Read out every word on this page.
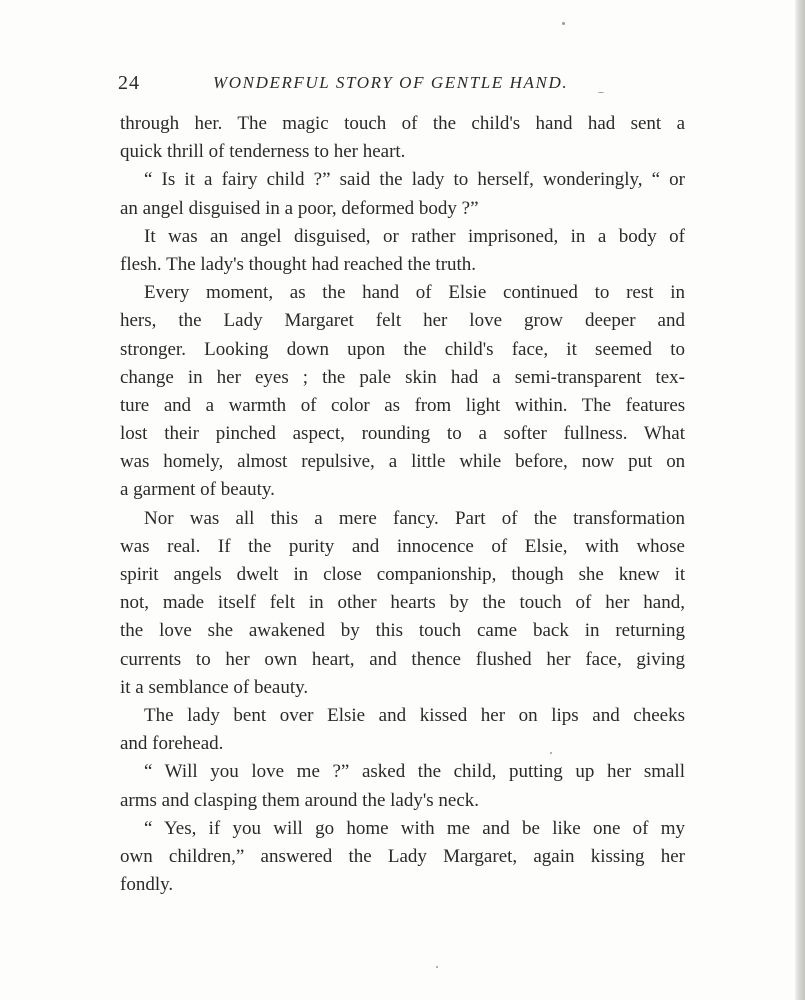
24	WONDERFUL STORY OF GENTLE HAND.
through her. The magic touch of the child's hand had sent a
quick thrill of tenderness to her heart.
“ Is it a fairy child ?” said the lady to herself, wonderingly, “ or
an angel disguised in a poor, deformed body ?”
It was an angel disguised, or rather imprisoned, in a body of
flesh. The lady's thought had reached the truth.
Every moment, as the hand of Elsie continued to rest in
hers, the Lady Margaret felt her love grow deeper and
stronger. Looking down upon the child's face, it seemed to
change in her eyes ; the pale skin had a semi-transparent tex-
ture and a warmth of color as from light within. The features
lost their pinched aspect, rounding to a softer fullness. What
was homely, almost repulsive, a little while before, now put on
a garment of beauty.
Nor was all this a mere fancy. Part of the transformation
was real. If the purity and innocence of Elsie, with whose
spirit angels dwelt in close companionship, though she knew it
not, made itself felt in other hearts by the touch of her hand,
the love she awakened by this touch came back in returning
currents to her own heart, and thence flushed her face, giving
it a semblance of beauty.
The lady bent over Elsie and kissed her on lips and cheeks
and forehead.
“ Will you love me ?” asked the child, putting up her small
arms and clasping them around the lady's neck.
“ Yes, if you will go home with me and be like one of my
own children,” answered the Lady Margaret, again kissing her
fondly.
